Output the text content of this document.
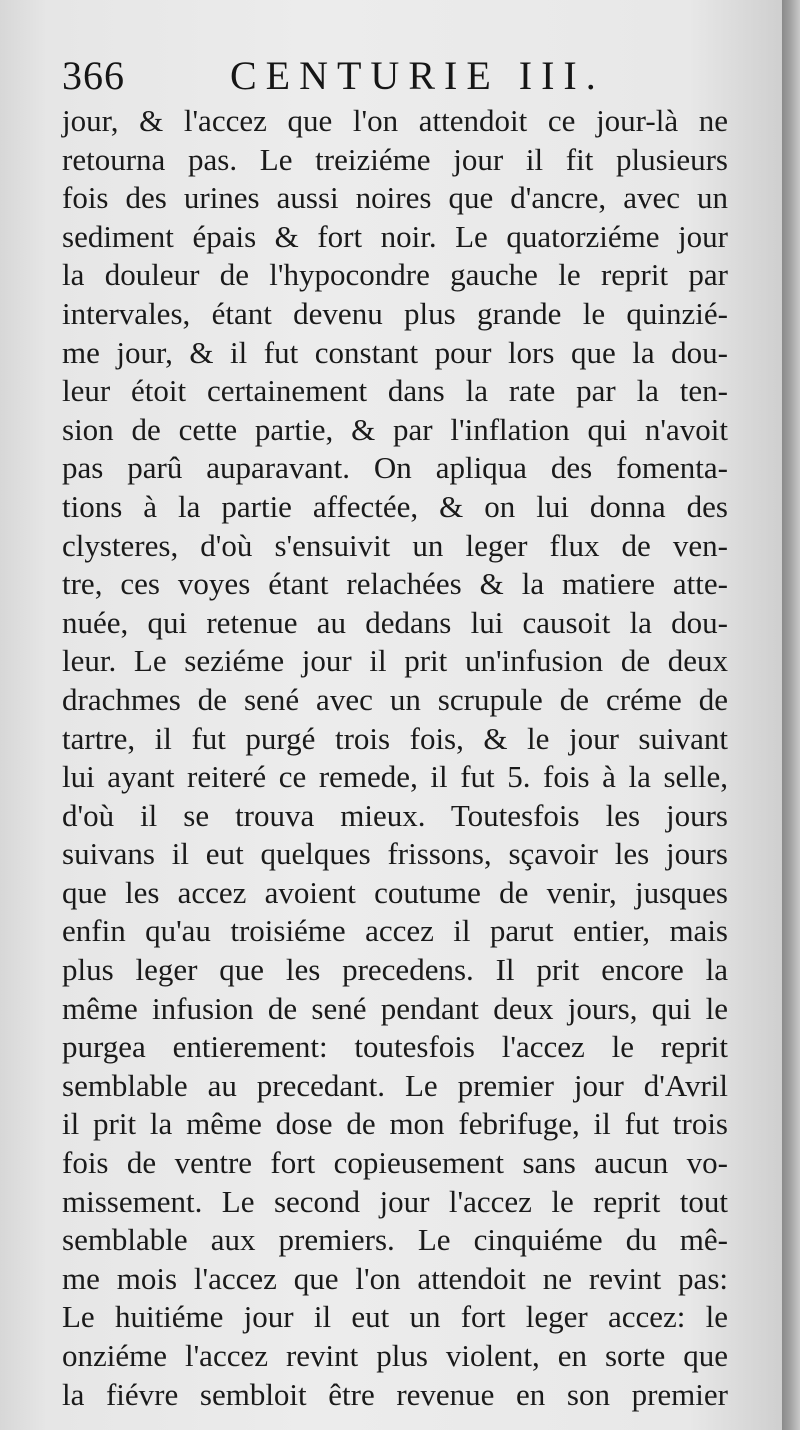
366	CENTURIE III.
jour, & l'accez que l'on attendoit ce jour-là ne
retourna pas. Le treiziéme jour il fit plusieurs
fois des urines aussi noires que d'ancre, avec un
sediment épais & fort noir. Le quatorziéme jour
la douleur de l'hypocondre gauche le reprit par
intervales, étant devenu plus grande le quinzié-
me jour, & il fut constant pour lors que la dou-
leur étoit certainement dans la rate par la ten-
sion de cette partie, & par l'inflation qui n'avoit
pas parû auparavant. On apliqua des fomenta-
tions à la partie affectée, & on lui donna des
clysteres, d'où s'ensuivit un leger flux de ven-
tre, ces voyes étant relachées & la matiere atte-
nuée, qui retenue au dedans lui causoit la dou-
leur. Le seziéme jour il prit un'infusion de deux
drachmes de sené avec un scrupule de créme de
tartre, il fut purgé trois fois, & le jour suivant
lui ayant reiteré ce remede, il fut 5. fois à la selle,
d'où il se trouva mieux. Toutesfois les jours
suivans il eut quelques frissons, sçavoir les jours
que les accez avoient coutume de venir, jusques
enfin qu'au troisiéme accez il parut entier, mais
plus leger que les precedens. Il prit encore la
même infusion de sené pendant deux jours, qui le
purgea entierement: toutesfois l'accez le reprit
semblable au precedant. Le premier jour d'Avril
il prit la même dose de mon febrifuge, il fut trois
fois de ventre fort copieusement sans aucun vo-
missement. Le second jour l'accez le reprit tout
semblable aux premiers. Le cinquiéme du mê-
me mois l'accez que l'on attendoit ne revint pas:
Le huitiéme jour il eut un fort leger accez: le
onziéme l'accez revint plus violent, en sorte que
la fiévre sembloit être revenue en son premier
